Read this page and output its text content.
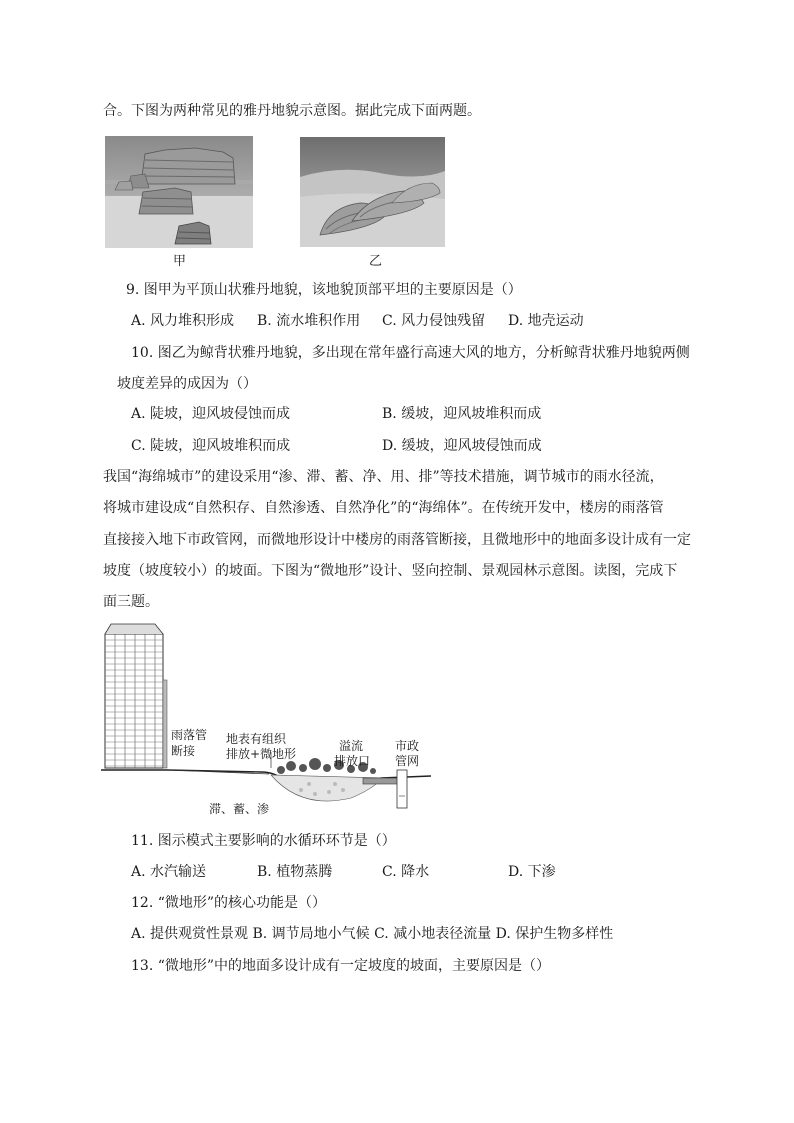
合。下图为两种常见的雅丹地貌示意图。据此完成下面两题。
甲	乙
9. 图甲为平顶山状雅丹地貌，该地貌顶部平坦的主要原因是（）
A. 风力堆积形成 B. 流水堆积作用 C. 风力侵蚀残留 D. 地壳运动
10. 图乙为鲸背状雅丹地貌，多出现在常年盛行高速大风的地方，分析鲸背状雅丹地貌两侧
坡度差异的成因为（）
A. 陡坡，迎风坡侵蚀而成	B. 缓坡，迎风坡堆积而成
C. 陡坡，迎风坡堆积而成	D. 缓坡，迎风坡侵蚀而成
我国“海绵城市”的建设采用“渗、滞、蓄、净、用、排”等技术措施，调节城市的雨水径流，
将城市建设成“自然积存、自然渗透、自然净化”的“海绵体”。在传统开发中，楼房的雨落管
直接接入地下市政管网，而微地形设计中楼房的雨落管断接，且微地形中的地面多设计成有一定
坡度（坡度较小）的坡面。下图为“微地形”设计、竖向控制、景观园林示意图。读图，完成下
面三题。
雨落管
断接
地表有组织
排放+微地形
溢流
排放口
市政
管网
滞、蓄、渗
11. 图示模式主要影响的水循环环节是（）
A. 水汽输送	B. 植物蒸腾	C. 降水	D. 下渗
12. “微地形”的核心功能是（）
A. 提供观赏性景观 B. 调节局地小气候 C. 减小地表径流量 D. 保护生物多样性
13. “微地形”中的地面多设计成有一定坡度的坡面，主要原因是（）
